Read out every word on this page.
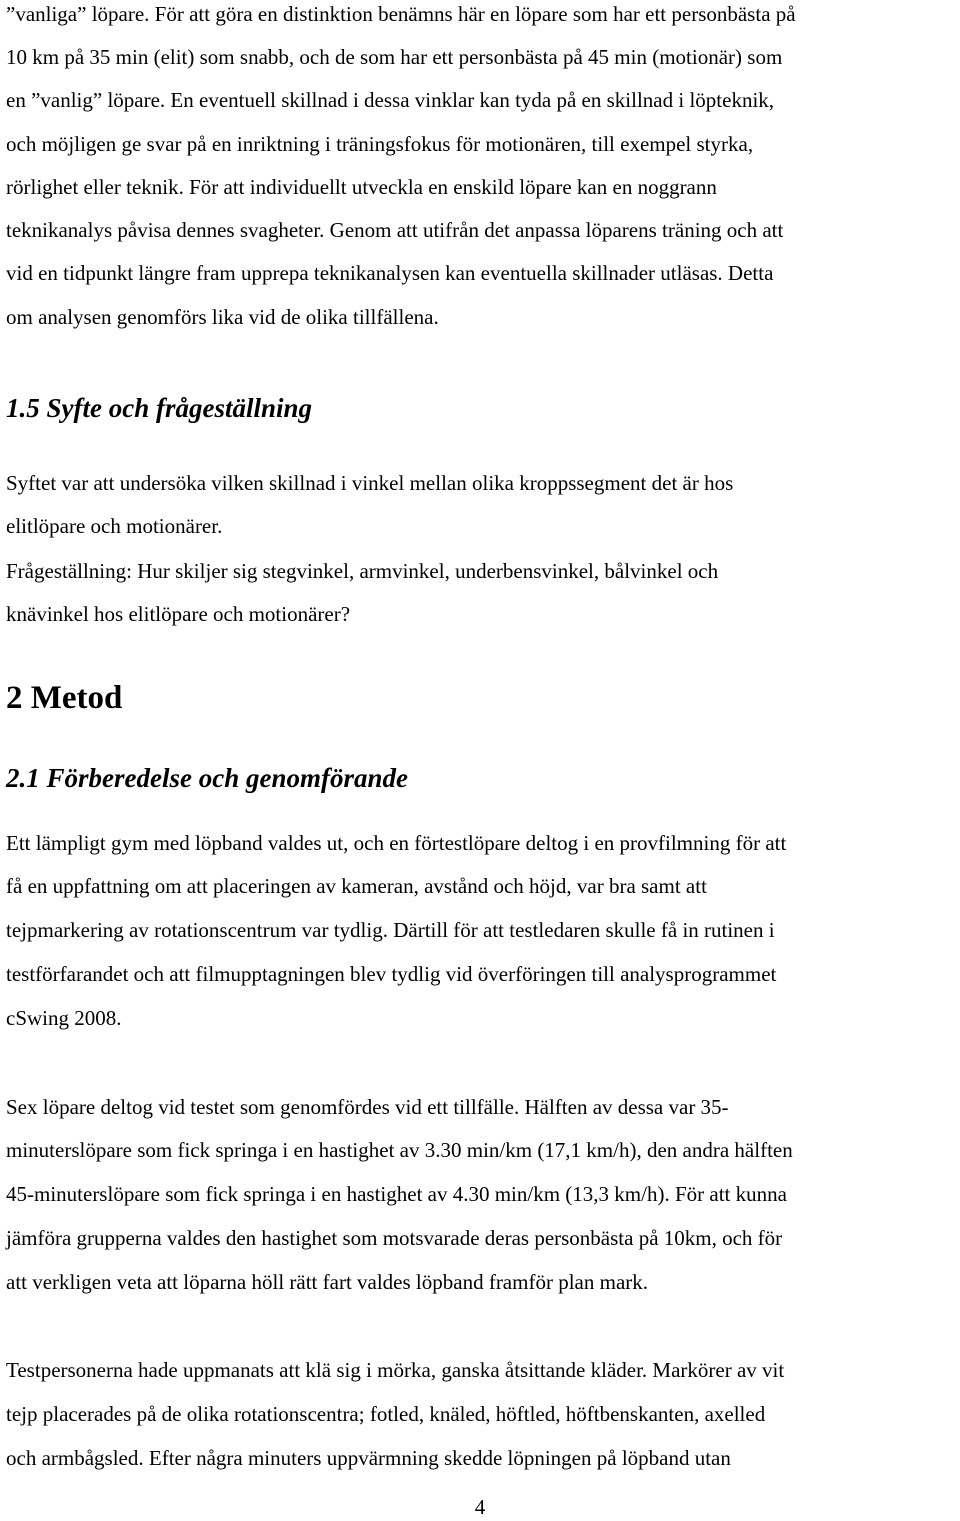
”vanliga” löpare. För att göra en distinktion benämns här en löpare som har ett personbästa på
10 km på 35 min (elit) som snabb, och de som har ett personbästa på 45 min (motionär) som
en ”vanlig” löpare. En eventuell skillnad i dessa vinklar kan tyda på en skillnad i löpteknik,
och möjligen ge svar på en inriktning i träningsfokus för motionären, till exempel styrka,
rörlighet eller teknik. För att individuellt utveckla en enskild löpare kan en noggrann
teknikanalys påvisa dennes svagheter. Genom att utifrån det anpassa löparens träning och att
vid en tidpunkt längre fram upprepa teknikanalysen kan eventuella skillnader utläsas. Detta
om analysen genomförs lika vid de olika tillfällena.
1.5 Syfte och frågeställning
Syftet var att undersöka vilken skillnad i vinkel mellan olika kroppssegment det är hos
elitlöpare och motionärer.
Frågeställning: Hur skiljer sig stegvinkel, armvinkel, underbensvinkel, bålvinkel och
knävinkel hos elitlöpare och motionärer?
2 Metod
2.1 Förberedelse och genomförande
Ett lämpligt gym med löpband valdes ut, och en förtestlöpare deltog i en provfilmning för att
få en uppfattning om att placeringen av kameran, avstånd och höjd, var bra samt att
tejpmarkering av rotationscentrum var tydlig. Därtill för att testledaren skulle få in rutinen i
testförfarandet och att filmupptagningen blev tydlig vid överföringen till analysprogrammet
cSwing 2008.
Sex löpare deltog vid testet som genomfördes vid ett tillfälle. Hälften av dessa var 35-
minuterslöpare som fick springa i en hastighet av 3.30 min/km (17,1 km/h), den andra hälften
45-minuterslöpare som fick springa i en hastighet av 4.30 min/km (13,3 km/h). För att kunna
jämföra grupperna valdes den hastighet som motsvarade deras personbästa på 10km, och för
att verkligen veta att löparna höll rätt fart valdes löpband framför plan mark.
Testpersonerna hade uppmanats att klä sig i mörka, ganska åtsittande kläder. Markörer av vit
tejp placerades på de olika rotationscentra; fotled, knäled, höftled, höftbenskanten, axelled
och armbågsled. Efter några minuters uppvärmning skedde löpningen på löpband utan
4
